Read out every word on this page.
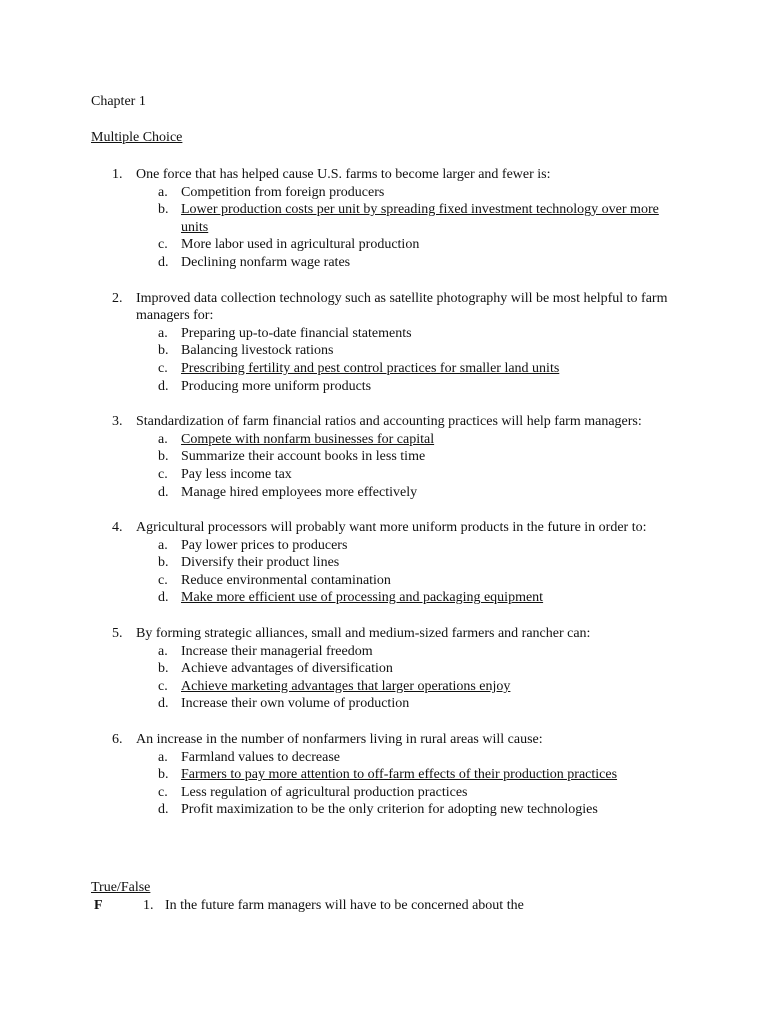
Chapter 1
Multiple Choice
1. One force that has helped cause U.S. farms to become larger and fewer is:
a. Competition from foreign producers
b. Lower production costs per unit by spreading fixed investment technology over more units
c. More labor used in agricultural production
d. Declining nonfarm wage rates
2. Improved data collection technology such as satellite photography will be most helpful to farm managers for:
a. Preparing up-to-date financial statements
b. Balancing livestock rations
c. Prescribing fertility and pest control practices for smaller land units
d. Producing more uniform products
3. Standardization of farm financial ratios and accounting practices will help farm managers:
a. Compete with nonfarm businesses for capital
b. Summarize their account books in less time
c. Pay less income tax
d. Manage hired employees more effectively
4. Agricultural processors will probably want more uniform products in the future in order to:
a. Pay lower prices to producers
b. Diversify their product lines
c. Reduce environmental contamination
d. Make more efficient use of processing and packaging equipment
5. By forming strategic alliances, small and medium-sized farmers and rancher can:
a. Increase their managerial freedom
b. Achieve advantages of diversification
c. Achieve marketing advantages that larger operations enjoy
d. Increase their own volume of production
6. An increase in the number of nonfarmers living in rural areas will cause:
a. Farmland values to decrease
b. Farmers to pay more attention to off-farm effects of their production practices
c. Less regulation of agricultural production practices
d. Profit maximization to be the only criterion for adopting new technologies
True/False
F	1. In the future farm managers will have to be concerned about the
